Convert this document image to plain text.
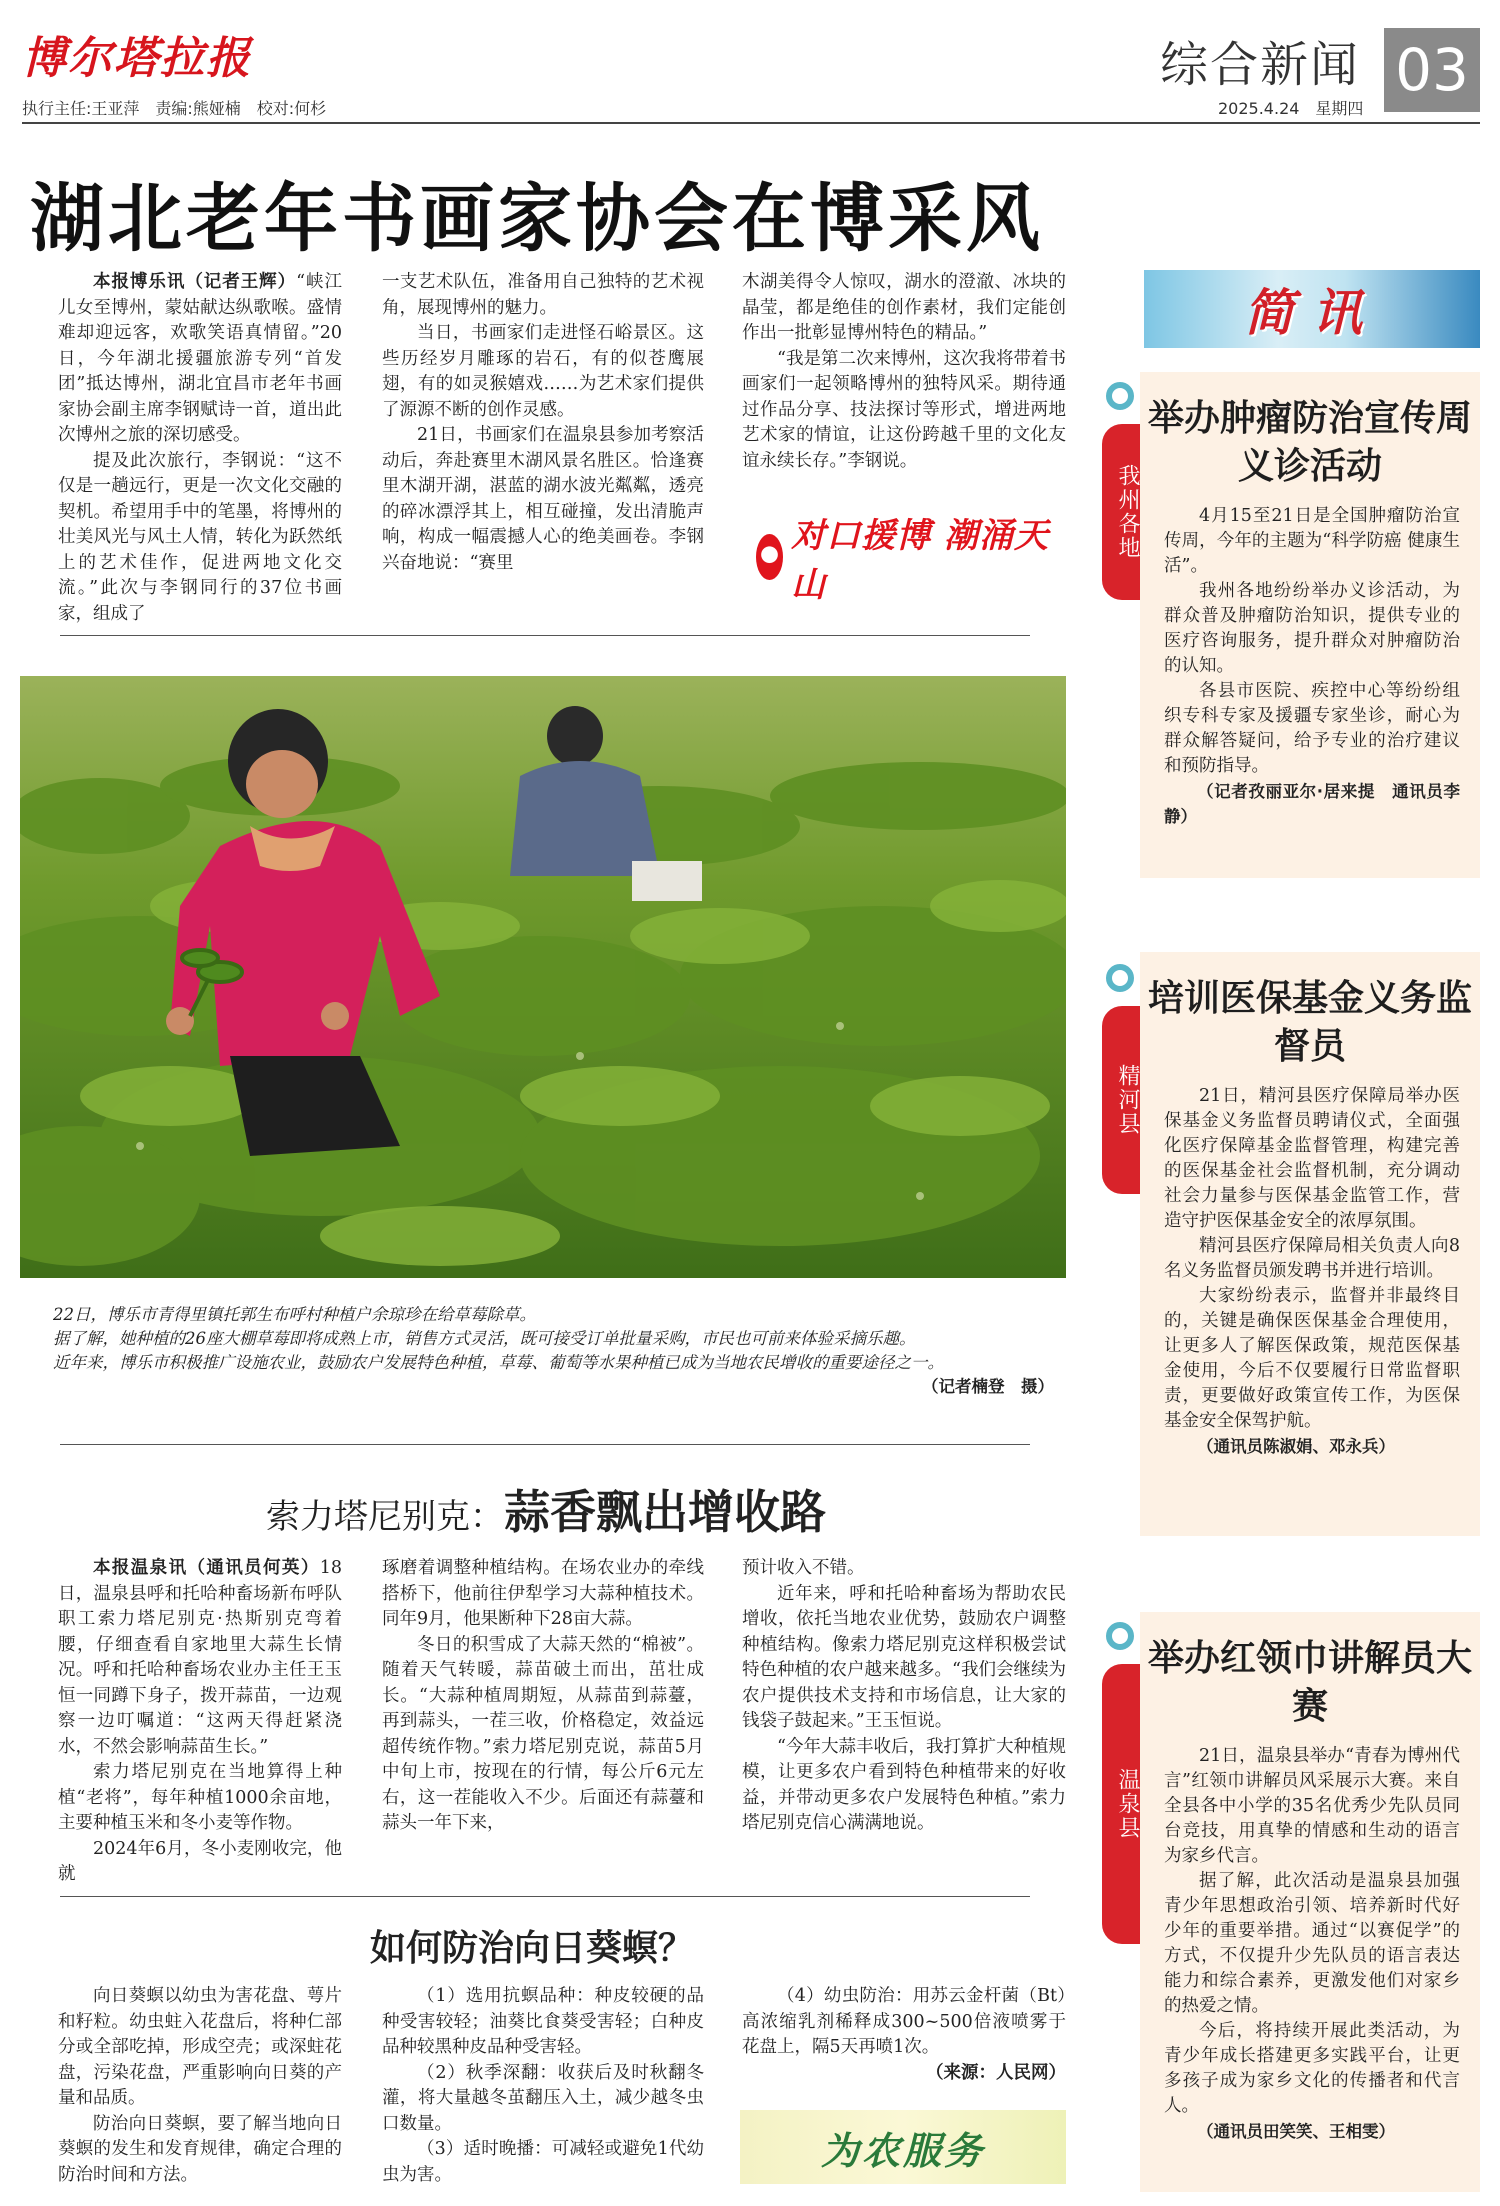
博尔塔拉报
执行主任:王亚萍　责编:熊娅楠　校对:何杉
综合新闻 03
2025.4.24　星期四
湖北老年书画家协会在博采风

本报博乐讯（记者王辉）“峡江儿女至博州，蒙姑献达纵歌喉。盛情难却迎远客，欢歌笑语真情留。”20日，今年湖北援疆旅游专列“首发团”抵达博州，湖北宜昌市老年书画家协会副主席李钢赋诗一首，道出此次博州之旅的深切感受。

提及此次旅行，李钢说：“这不仅是一趟远行，更是一次文化交融的契机。希望用手中的笔墨，将博州的壮美风光与风土人情，转化为跃然纸上的艺术佳作，促进两地文化交流。”此次与李钢同行的37位书画家，组成了

一支艺术队伍，准备用自己独特的艺术视角，展现博州的魅力。

当日，书画家们走进怪石峪景区。这些历经岁月雕琢的岩石，有的似苍鹰展翅，有的如灵猴嬉戏……为艺术家们提供了源源不断的创作灵感。

21日，书画家们在温泉县参加考察活动后，奔赴赛里木湖风景名胜区。恰逢赛里木湖开湖，湛蓝的湖水波光粼粼，透亮的碎冰漂浮其上，相互碰撞，发出清脆声响，构成一幅震撼人心的绝美画卷。李钢兴奋地说：“赛里

木湖美得令人惊叹，湖水的澄澈、冰块的晶莹，都是绝佳的创作素材，我们定能创作出一批彰显博州特色的精品。”

“我是第二次来博州，这次我将带着书画家们一起领略博州的独特风采。期待通过作品分享、技法探讨等形式，增进两地艺术家的情谊，让这份跨越千里的文化友谊永续长存。”李钢说。

对口援博 潮涌天山

22日，博乐市青得里镇托郭生布呼村种植户余琼珍在给草莓除草。

据了解，她种植的26座大棚草莓即将成熟上市，销售方式灵活，既可接受订单批量采购，市民也可前来体验采摘乐趣。

近年来，博乐市积极推广设施农业，鼓励农户发展特色种植，草莓、葡萄等水果种植已成为当地农民增收的重要途径之一。

（记者楠登　摄）

索力塔尼别克：蒜香飘出增收路

本报温泉讯（通讯员何英）18日，温泉县呼和托哈种畜场新布呼队职工索力塔尼别克·热斯别克弯着腰，仔细查看自家地里大蒜生长情况。呼和托哈种畜场农业办主任王玉恒一同蹲下身子，拨开蒜苗，一边观察一边叮嘱道：“这两天得赶紧浇水，不然会影响蒜苗生长。”

索力塔尼别克在当地算得上种植“老将”，每年种植1000余亩地，主要种植玉米和冬小麦等作物。

2024年6月，冬小麦刚收完，他就

琢磨着调整种植结构。在场农业办的牵线搭桥下，他前往伊犁学习大蒜种植技术。同年9月，他果断种下28亩大蒜。

冬日的积雪成了大蒜天然的“棉被”。随着天气转暖，蒜苗破土而出，茁壮成长。“大蒜种植周期短，从蒜苗到蒜薹，再到蒜头，一茬三收，价格稳定，效益远超传统作物。”索力塔尼别克说，蒜苗5月中旬上市，按现在的行情，每公斤6元左右，这一茬能收入不少。后面还有蒜薹和蒜头一年下来，

预计收入不错。

近年来，呼和托哈种畜场为帮助农民增收，依托当地农业优势，鼓励农户调整种植结构。像索力塔尼别克这样积极尝试特色种植的农户越来越多。“我们会继续为农户提供技术支持和市场信息，让大家的钱袋子鼓起来。”王玉恒说。

“今年大蒜丰收后，我打算扩大种植规模，让更多农户看到特色种植带来的好收益，并带动更多农户发展特色种植。”索力塔尼别克信心满满地说。

如何防治向日葵螟？

向日葵螟以幼虫为害花盘、萼片和籽粒。幼虫蛀入花盘后，将种仁部分或全部吃掉，形成空壳；或深蛀花盘，污染花盘，严重影响向日葵的产量和品质。

防治向日葵螟，要了解当地向日葵螟的发生和发育规律，确定合理的防治时间和方法。

（1）选用抗螟品种：种皮较硬的品种受害较轻；油葵比食葵受害轻；白种皮品种较黑种皮品种受害轻。

（2）秋季深翻：收获后及时秋翻冬灌，将大量越冬茧翻压入土，减少越冬虫口数量。

（3）适时晚播：可减轻或避免1代幼虫为害。

（4）幼虫防治：用苏云金杆菌（Bt）高浓缩乳剂稀释成300~500倍液喷雾于花盘上，隔5天再喷1次。

（来源：人民网）

为农服务
简讯
我州各地
举办肿瘤防治宣传周义诊活动

4月15至21日是全国肿瘤防治宣传周，今年的主题为“科学防癌 健康生活”。

我州各地纷纷举办义诊活动，为群众普及肿瘤防治知识，提供专业的医疗咨询服务，提升群众对肿瘤防治的认知。

各县市医院、疾控中心等纷纷组织专科专家及援疆专家坐诊，耐心为群众解答疑问，给予专业的治疗建议和预防指导。

（记者孜丽亚尔·居来提　通讯员李静）

精河县
培训医保基金义务监督员

21日，精河县医疗保障局举办医保基金义务监督员聘请仪式，全面强化医疗保障基金监督管理，构建完善的医保基金社会监督机制，充分调动社会力量参与医保基金监管工作，营造守护医保基金安全的浓厚氛围。

精河县医疗保障局相关负责人向8名义务监督员颁发聘书并进行培训。

大家纷纷表示，监督并非最终目的，关键是确保医保基金合理使用，让更多人了解医保政策，规范医保基金使用，今后不仅要履行日常监督职责，更要做好政策宣传工作，为医保基金安全保驾护航。

（通讯员陈淑娟、邓永兵）

温泉县
举办红领巾讲解员大赛

21日，温泉县举办“青春为博州代言”红领巾讲解员风采展示大赛。来自全县各中小学的35名优秀少先队员同台竞技，用真挚的情感和生动的语言为家乡代言。

据了解，此次活动是温泉县加强青少年思想政治引领、培养新时代好少年的重要举措。通过“以赛促学”的方式，不仅提升少先队员的语言表达能力和综合素养，更激发他们对家乡的热爱之情。

今后，将持续开展此类活动，为青少年成长搭建更多实践平台，让更多孩子成为家乡文化的传播者和代言人。

（通讯员田笑笑、王相雯）
